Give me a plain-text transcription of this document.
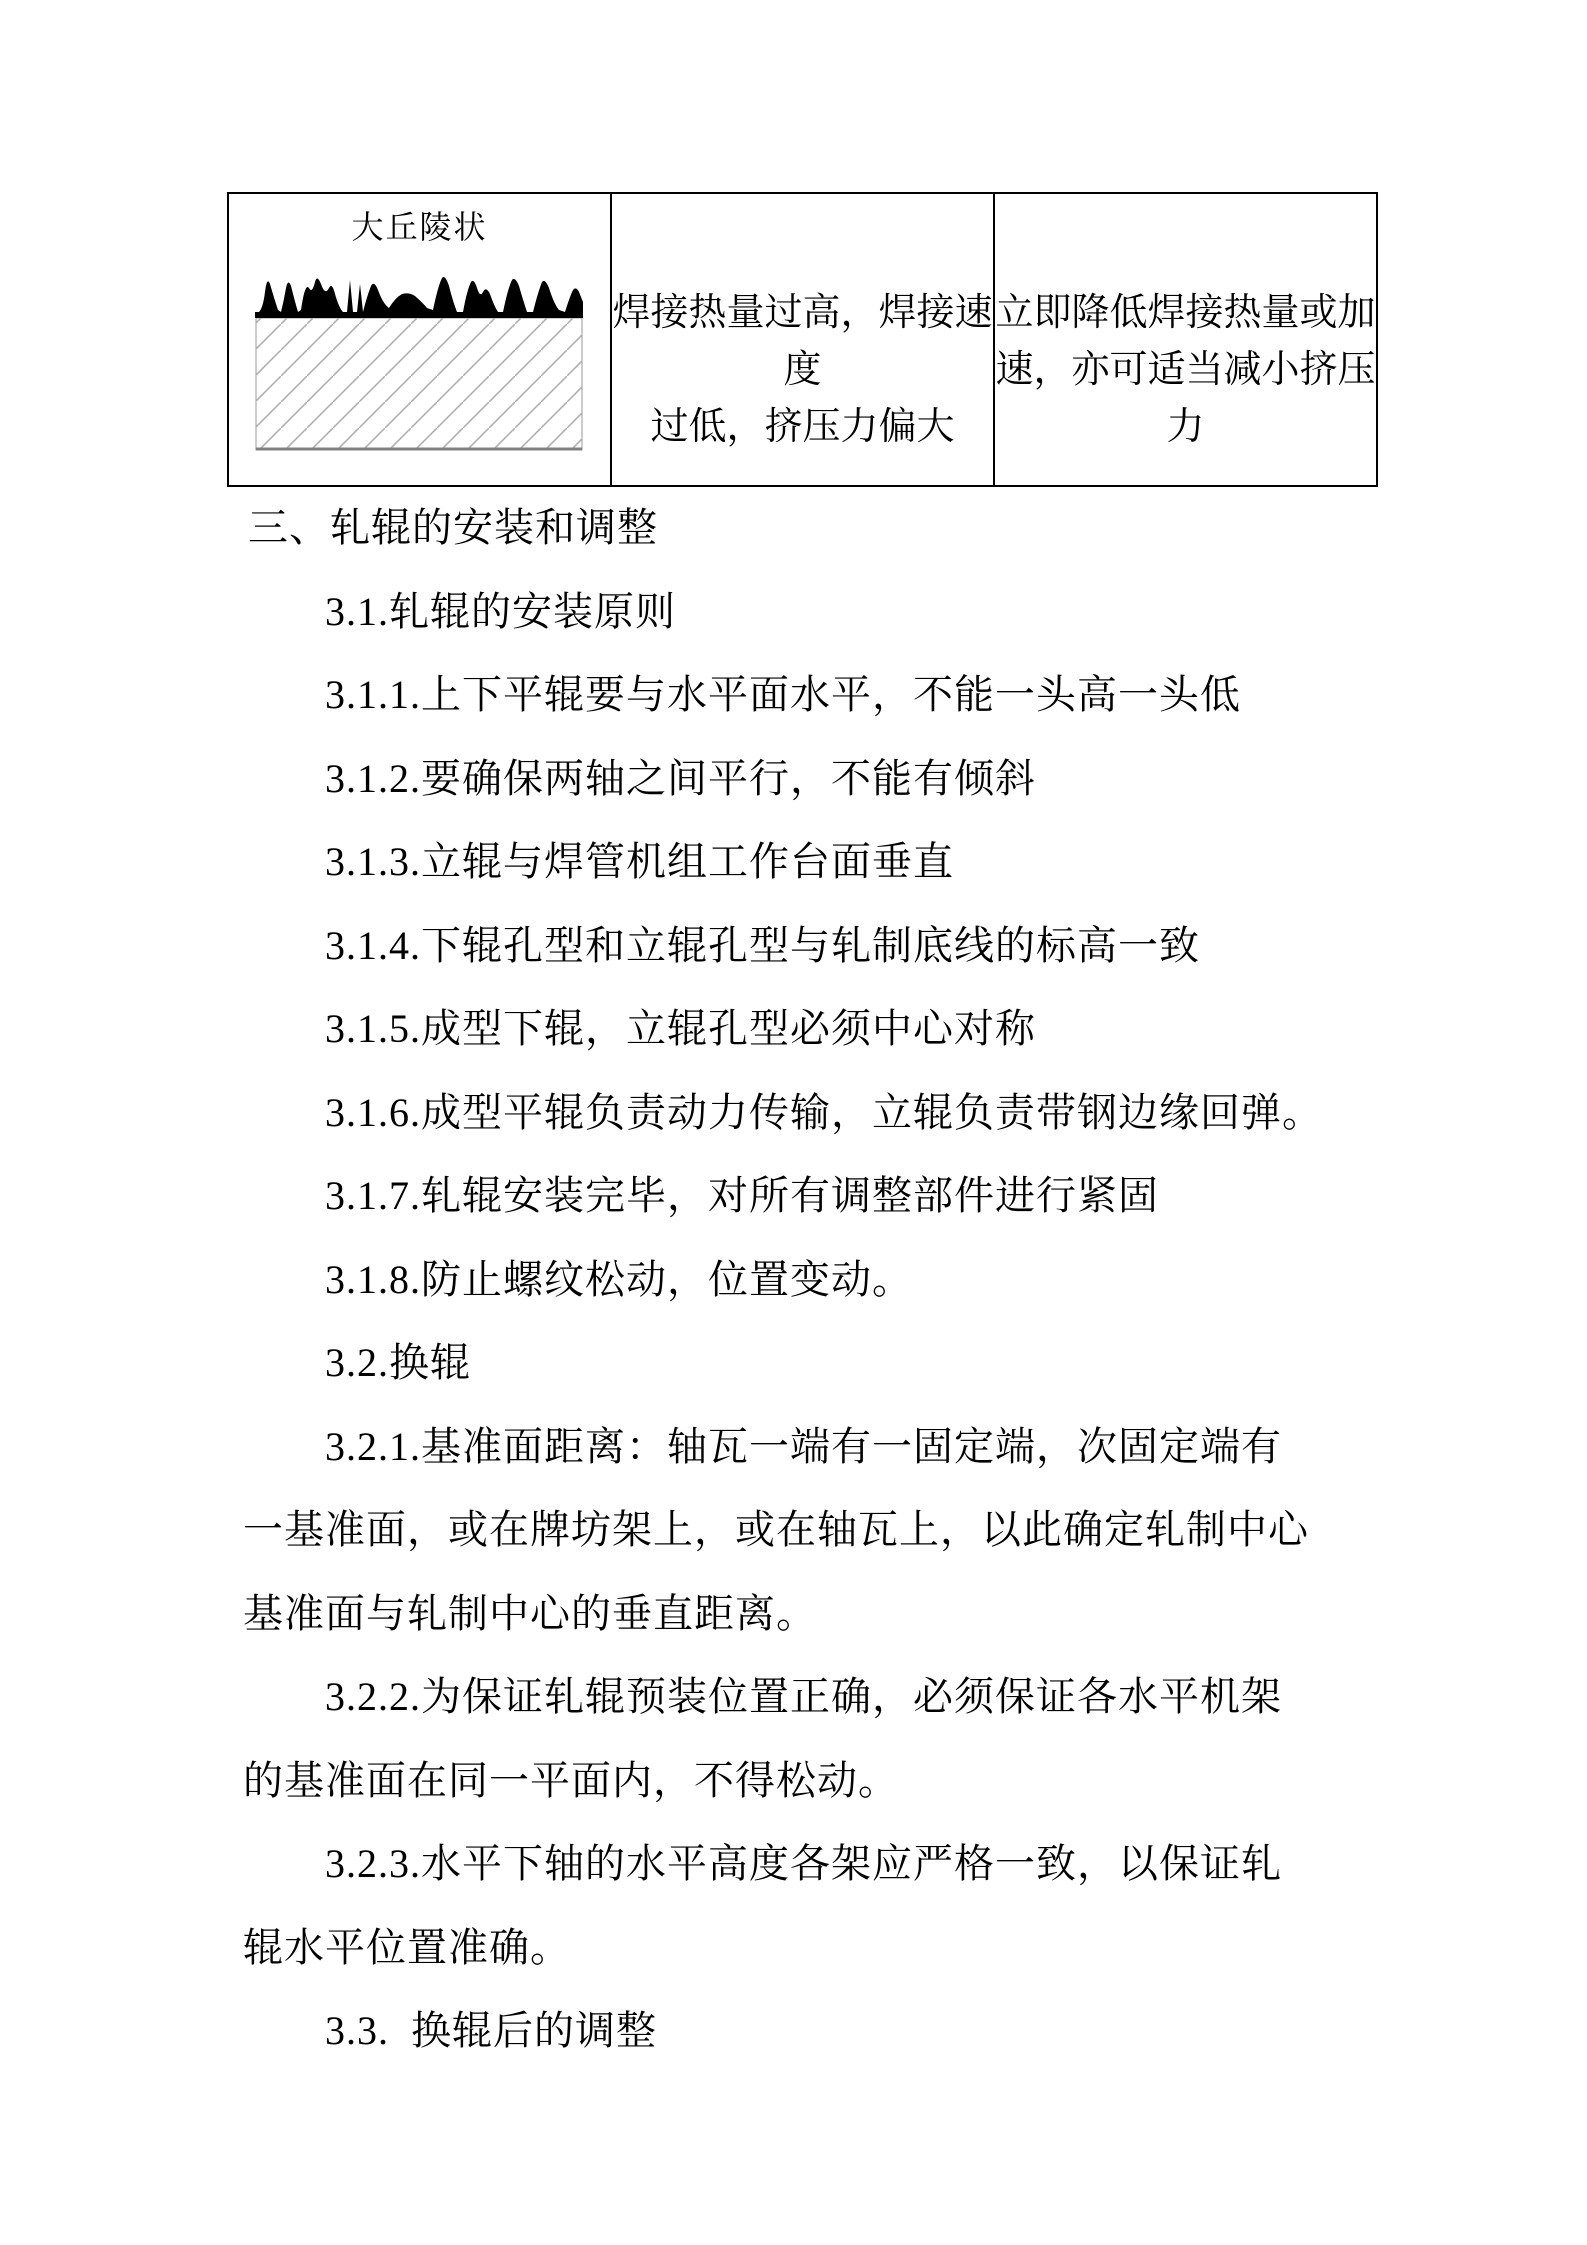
大丘陵状
焊接热量过高，焊接速度
过低，挤压力偏大
立即降低焊接热量或加
速，亦可适当减小挤压力
三、轧辊的安装和调整
3.1.轧辊的安装原则
3.1.1.上下平辊要与水平面水平，不能一头高一头低
3.1.2.要确保两轴之间平行，不能有倾斜
3.1.3.立辊与焊管机组工作台面垂直
3.1.4.下辊孔型和立辊孔型与轧制底线的标高一致
3.1.5.成型下辊，立辊孔型必须中心对称
3.1.6.成型平辊负责动力传输，立辊负责带钢边缘回弹。
3.1.7.轧辊安装完毕，对所有调整部件进行紧固
3.1.8.防止螺纹松动，位置变动。
3.2.换辊
3.2.1.基准面距离：轴瓦一端有一固定端，次固定端有
一基准面，或在牌坊架上，或在轴瓦上，以此确定轧制中心
基准面与轧制中心的垂直距离。
3.2.2.为保证轧辊预装位置正确，必须保证各水平机架
的基准面在同一平面内，不得松动。
3.2.3.水平下轴的水平高度各架应严格一致，以保证轧
辊水平位置准确。
3.3.  换辊后的调整
